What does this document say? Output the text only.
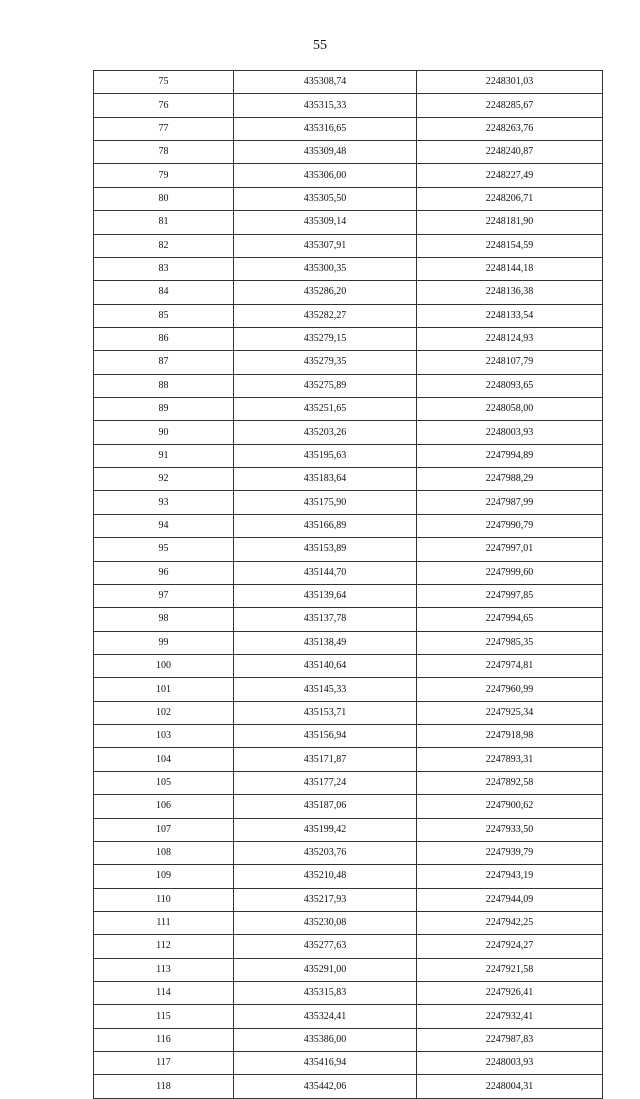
55
75	435308,74	2248301,03
76	435315,33	2248285,67
77	435316,65	2248263,76
78	435309,48	2248240,87
79	435306,00	2248227,49
80	435305,50	2248206,71
81	435309,14	2248181,90
82	435307,91	2248154,59
83	435300,35	2248144,18
84	435286,20	2248136,38
85	435282,27	2248133,54
86	435279,15	2248124,93
87	435279,35	2248107,79
88	435275,89	2248093,65
89	435251,65	2248058,00
90	435203,26	2248003,93
91	435195,63	2247994,89
92	435183,64	2247988,29
93	435175,90	2247987,99
94	435166,89	2247990,79
95	435153,89	2247997,01
96	435144,70	2247999,60
97	435139,64	2247997,85
98	435137,78	2247994,65
99	435138,49	2247985,35
100	435140,64	2247974,81
101	435145,33	2247960,99
102	435153,71	2247925,34
103	435156,94	2247918,98
104	435171,87	2247893,31
105	435177,24	2247892,58
106	435187,06	2247900,62
107	435199,42	2247933,50
108	435203,76	2247939,79
109	435210,48	2247943,19
110	435217,93	2247944,09
111	435230,08	2247942,25
112	435277,63	2247924,27
113	435291,00	2247921,58
114	435315,83	2247926,41
115	435324,41	2247932,41
116	435386,00	2247987,83
117	435416,94	2248003,93
118	435442,06	2248004,31
